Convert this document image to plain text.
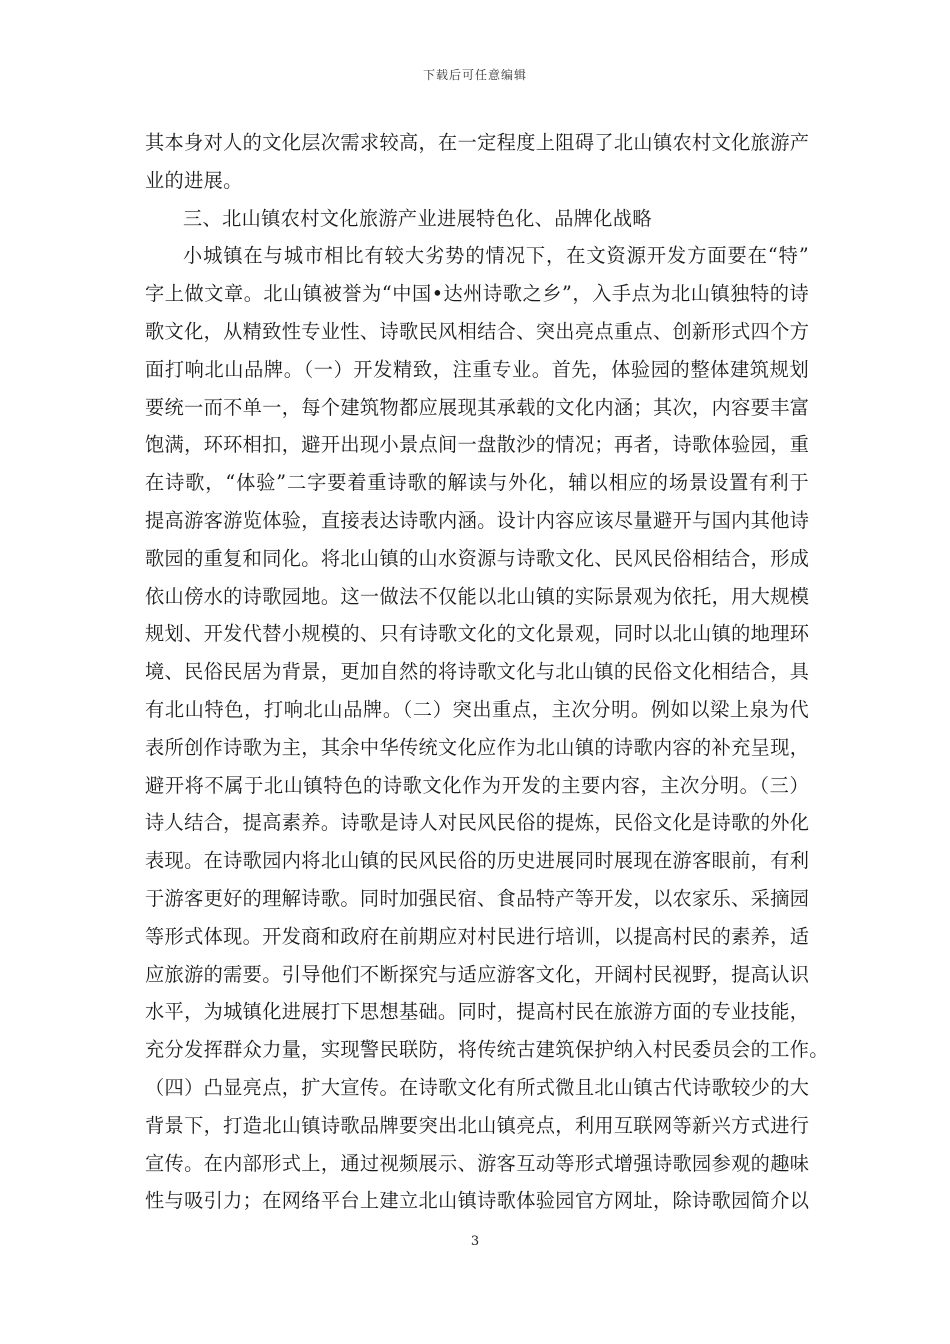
下载后可任意编辑
其本身对人的文化层次需求较高，在一定程度上阻碍了北山镇农村文化旅游产
业的进展。
三、北山镇农村文化旅游产业进展特色化、品牌化战略
小城镇在与城市相比有较大劣势的情况下，在文资源开发方面要在“特”
字上做文章。北山镇被誉为“中国•达州诗歌之乡”，入手点为北山镇独特的诗
歌文化，从精致性专业性、诗歌民风相结合、突出亮点重点、创新形式四个方
面打响北山品牌。（一）开发精致，注重专业。首先，体验园的整体建筑规划
要统一而不单一，每个建筑物都应展现其承载的文化内涵；其次，内容要丰富
饱满，环环相扣，避开出现小景点间一盘散沙的情况；再者，诗歌体验园，重
在诗歌，“体验”二字要着重诗歌的解读与外化，辅以相应的场景设置有利于
提高游客游览体验，直接表达诗歌内涵。设计内容应该尽量避开与国内其他诗
歌园的重复和同化。将北山镇的山水资源与诗歌文化、民风民俗相结合，形成
依山傍水的诗歌园地。这一做法不仅能以北山镇的实际景观为依托，用大规模
规划、开发代替小规模的、只有诗歌文化的文化景观，同时以北山镇的地理环
境、民俗民居为背景，更加自然的将诗歌文化与北山镇的民俗文化相结合，具
有北山特色，打响北山品牌。（二）突出重点，主次分明。例如以梁上泉为代
表所创作诗歌为主，其余中华传统文化应作为北山镇的诗歌内容的补充呈现，
避开将不属于北山镇特色的诗歌文化作为开发的主要内容，主次分明。（三）
诗人结合，提高素养。诗歌是诗人对民风民俗的提炼，民俗文化是诗歌的外化
表现。在诗歌园内将北山镇的民风民俗的历史进展同时展现在游客眼前，有利
于游客更好的理解诗歌。同时加强民宿、食品特产等开发，以农家乐、采摘园
等形式体现。开发商和政府在前期应对村民进行培训，以提高村民的素养，适
应旅游的需要。引导他们不断探究与适应游客文化，开阔村民视野，提高认识
水平，为城镇化进展打下思想基础。同时，提高村民在旅游方面的专业技能，
充分发挥群众力量，实现警民联防，将传统古建筑保护纳入村民委员会的工作。
（四）凸显亮点，扩大宣传。在诗歌文化有所式微且北山镇古代诗歌较少的大
背景下，打造北山镇诗歌品牌要突出北山镇亮点，利用互联网等新兴方式进行
宣传。在内部形式上，通过视频展示、游客互动等形式增强诗歌园参观的趣味
性与吸引力；在网络平台上建立北山镇诗歌体验园官方网址，除诗歌园简介以
3
